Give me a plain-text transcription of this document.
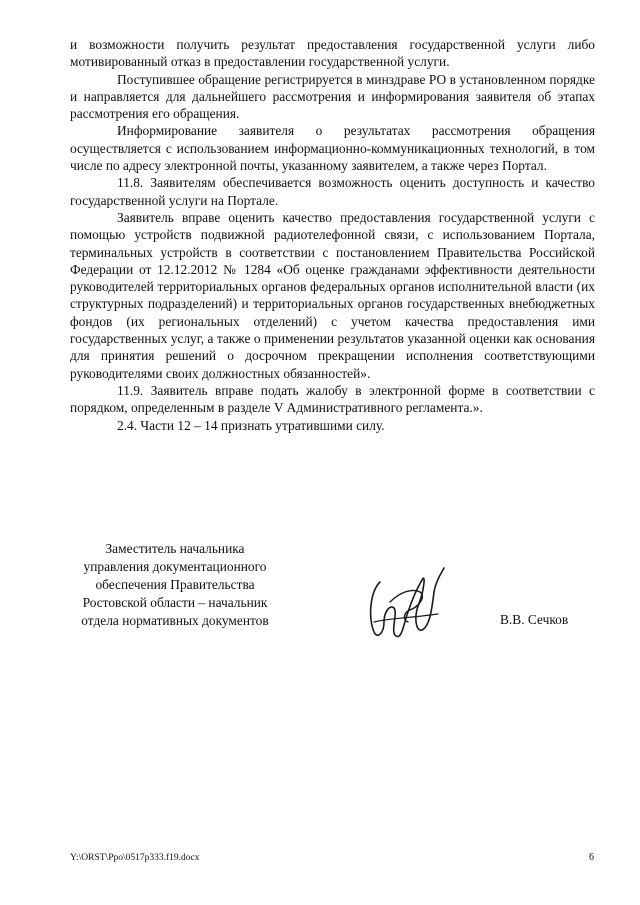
и возможности получить результат предоставления государственной услуги либо мотивированный отказ в предоставлении государственной услуги.

Поступившее обращение регистрируется в минздраве РО в установленном порядке и направляется для дальнейшего рассмотрения и информирования заявителя об этапах рассмотрения его обращения.

Информирование заявителя о результатах рассмотрения обращения осуществляется с использованием информационно-коммуникационных технологий, в том числе по адресу электронной почты, указанному заявителем, а также через Портал.

11.8. Заявителям обеспечивается возможность оценить доступность и качество государственной услуги на Портале.

Заявитель вправе оценить качество предоставления государственной услуги с помощью устройств подвижной радиотелефонной связи, с использованием Портала, терминальных устройств в соответствии с постановлением Правительства Российской Федерации от 12.12.2012 № 1284 «Об оценке гражданами эффективности деятельности руководителей территориальных органов федеральных органов исполнительной власти (их структурных подразделений) и территориальных органов государственных внебюджетных фондов (их региональных отделений) с учетом качества предоставления ими государственных услуг, а также о применении результатов указанной оценки как основания для принятия решений о досрочном прекращении исполнения соответствующими руководителями своих должностных обязанностей».

11.9. Заявитель вправе подать жалобу в электронной форме в соответствии с порядком, определенным в разделе V Административного регламента.».

2.4. Части 12 – 14 признать утратившими силу.

Заместитель начальника
управления документационного
обеспечения Правительства
Ростовской области – начальник
отдела нормативных документов	В.В. Сечков
Y:\ORST\Ppo\0517p333.f19.docx	6
